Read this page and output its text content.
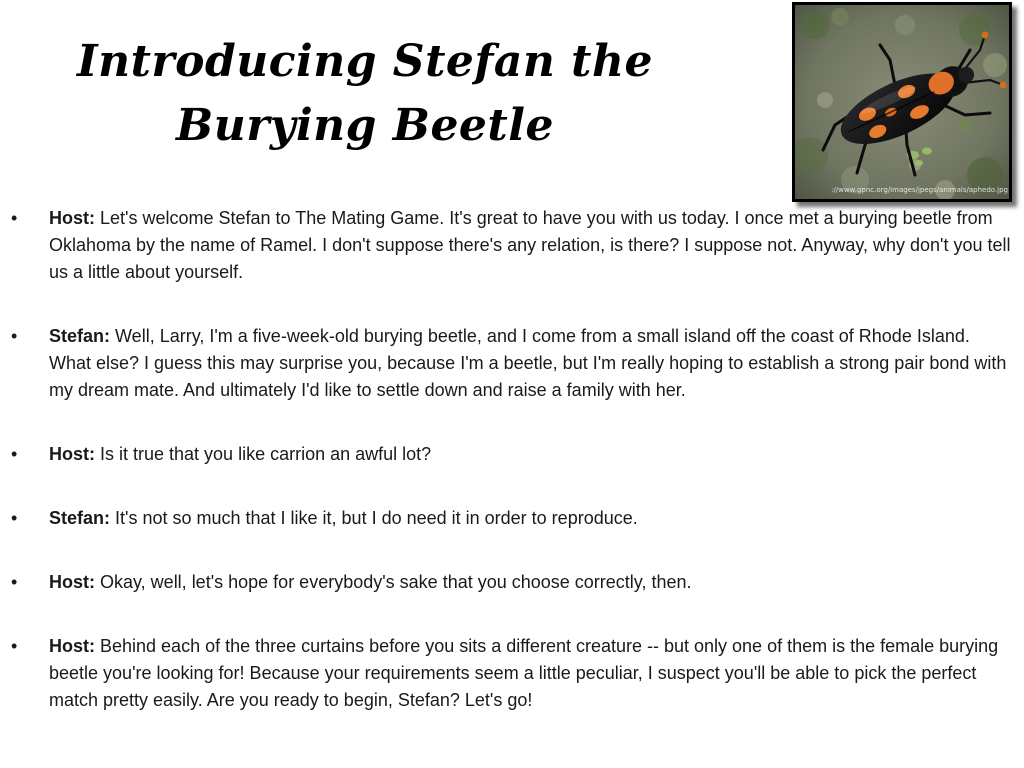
Introducing Stefan the
Burying Beetle
://www.gpnc.org/images/jpegs/animals/aphedo.jpg
•	Host: Let's welcome Stefan to The Mating Game. It's great to have you with us today. I once met a burying beetle from Oklahoma by the name of Ramel. I don't suppose there's any relation, is there? I suppose not. Anyway, why don't you tell us a little about yourself.
•	Stefan: Well, Larry, I'm a five-week-old burying beetle, and I come from a small island off the coast of Rhode Island. What else? I guess this may surprise you, because I'm a beetle, but I'm really hoping to establish a strong pair bond with my dream mate. And ultimately I'd like to settle down and raise a family with her.
•	Host: Is it true that you like carrion an awful lot?
•	Stefan: It's not so much that I like it, but I do need it in order to reproduce.
•	Host: Okay, well, let's hope for everybody's sake that you choose correctly, then.
•	Host: Behind each of the three curtains before you sits a different creature -- but only one of them is the female burying beetle you're looking for! Because your requirements seem a little peculiar, I suspect you'll be able to pick the perfect match pretty easily. Are you ready to begin, Stefan? Let's go!
